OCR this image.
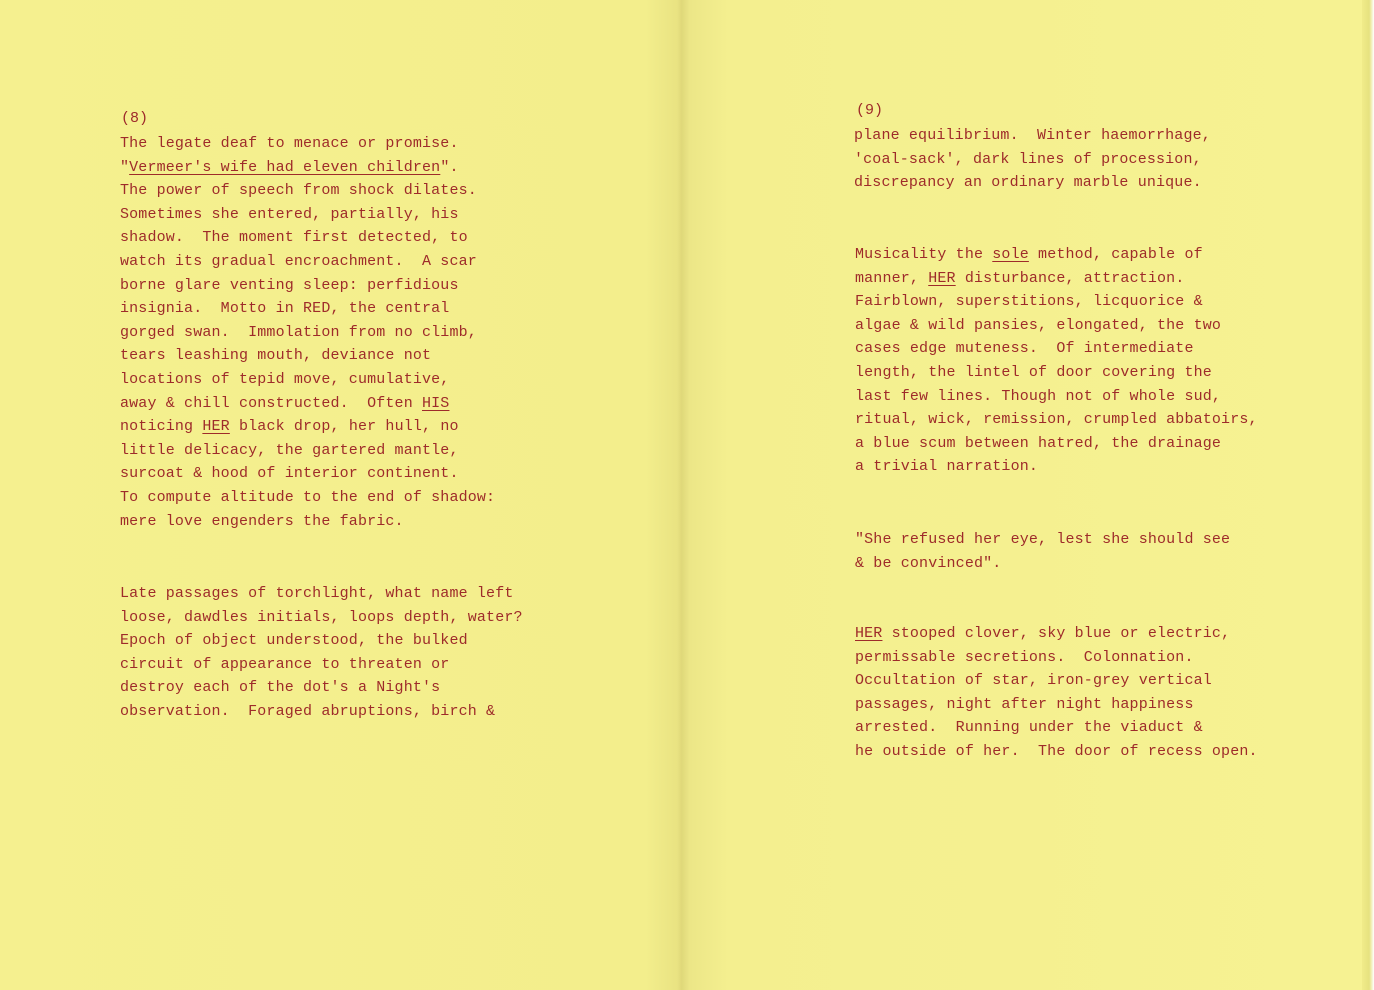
(8)
The legate deaf to menace or promise.
"Vermeer's wife had eleven children".
The power of speech from shock dilates.
Sometimes she entered, partially, his
shadow.  The moment first detected, to
watch its gradual encroachment.  A scar
borne glare venting sleep: perfidious
insignia.  Motto in RED, the central
gorged swan.  Immolation from no climb,
tears leashing mouth, deviance not
locations of tepid move, cumulative,
away & chill constructed.  Often HIS
noticing HER black drop, her hull, no
little delicacy, the gartered mantle,
surcoat & hood of interior continent.
To compute altitude to the end of shadow:
mere love engenders the fabric.
Late passages of torchlight, what name left
loose, dawdles initials, loops depth, water?
Epoch of object understood, the bulked
circuit of appearance to threaten or
destroy each of the dot's a Night's
observation.  Foraged abruptions, birch &
(9)
plane equilibrium.  Winter haemorrhage,
'coal-sack', dark lines of procession,
discrepancy an ordinary marble unique.
Musicality the sole method, capable of
manner, HER disturbance, attraction.
Fairblown, superstitions, licquorice &
algae & wild pansies, elongated, the two
cases edge muteness.  Of intermediate
length, the lintel of door covering the
last few lines. Though not of whole sud,
ritual, wick, remission, crumpled abbatoirs,
a blue scum between hatred, the drainage
a trivial narration.
"She refused her eye, lest she should see
& be convinced".
HER stooped clover, sky blue or electric,
permissable secretions.  Colonnation.
Occultation of star, iron-grey vertical
passages, night after night happiness
arrested.  Running under the viaduct &
he outside of her.  The door of recess open.
